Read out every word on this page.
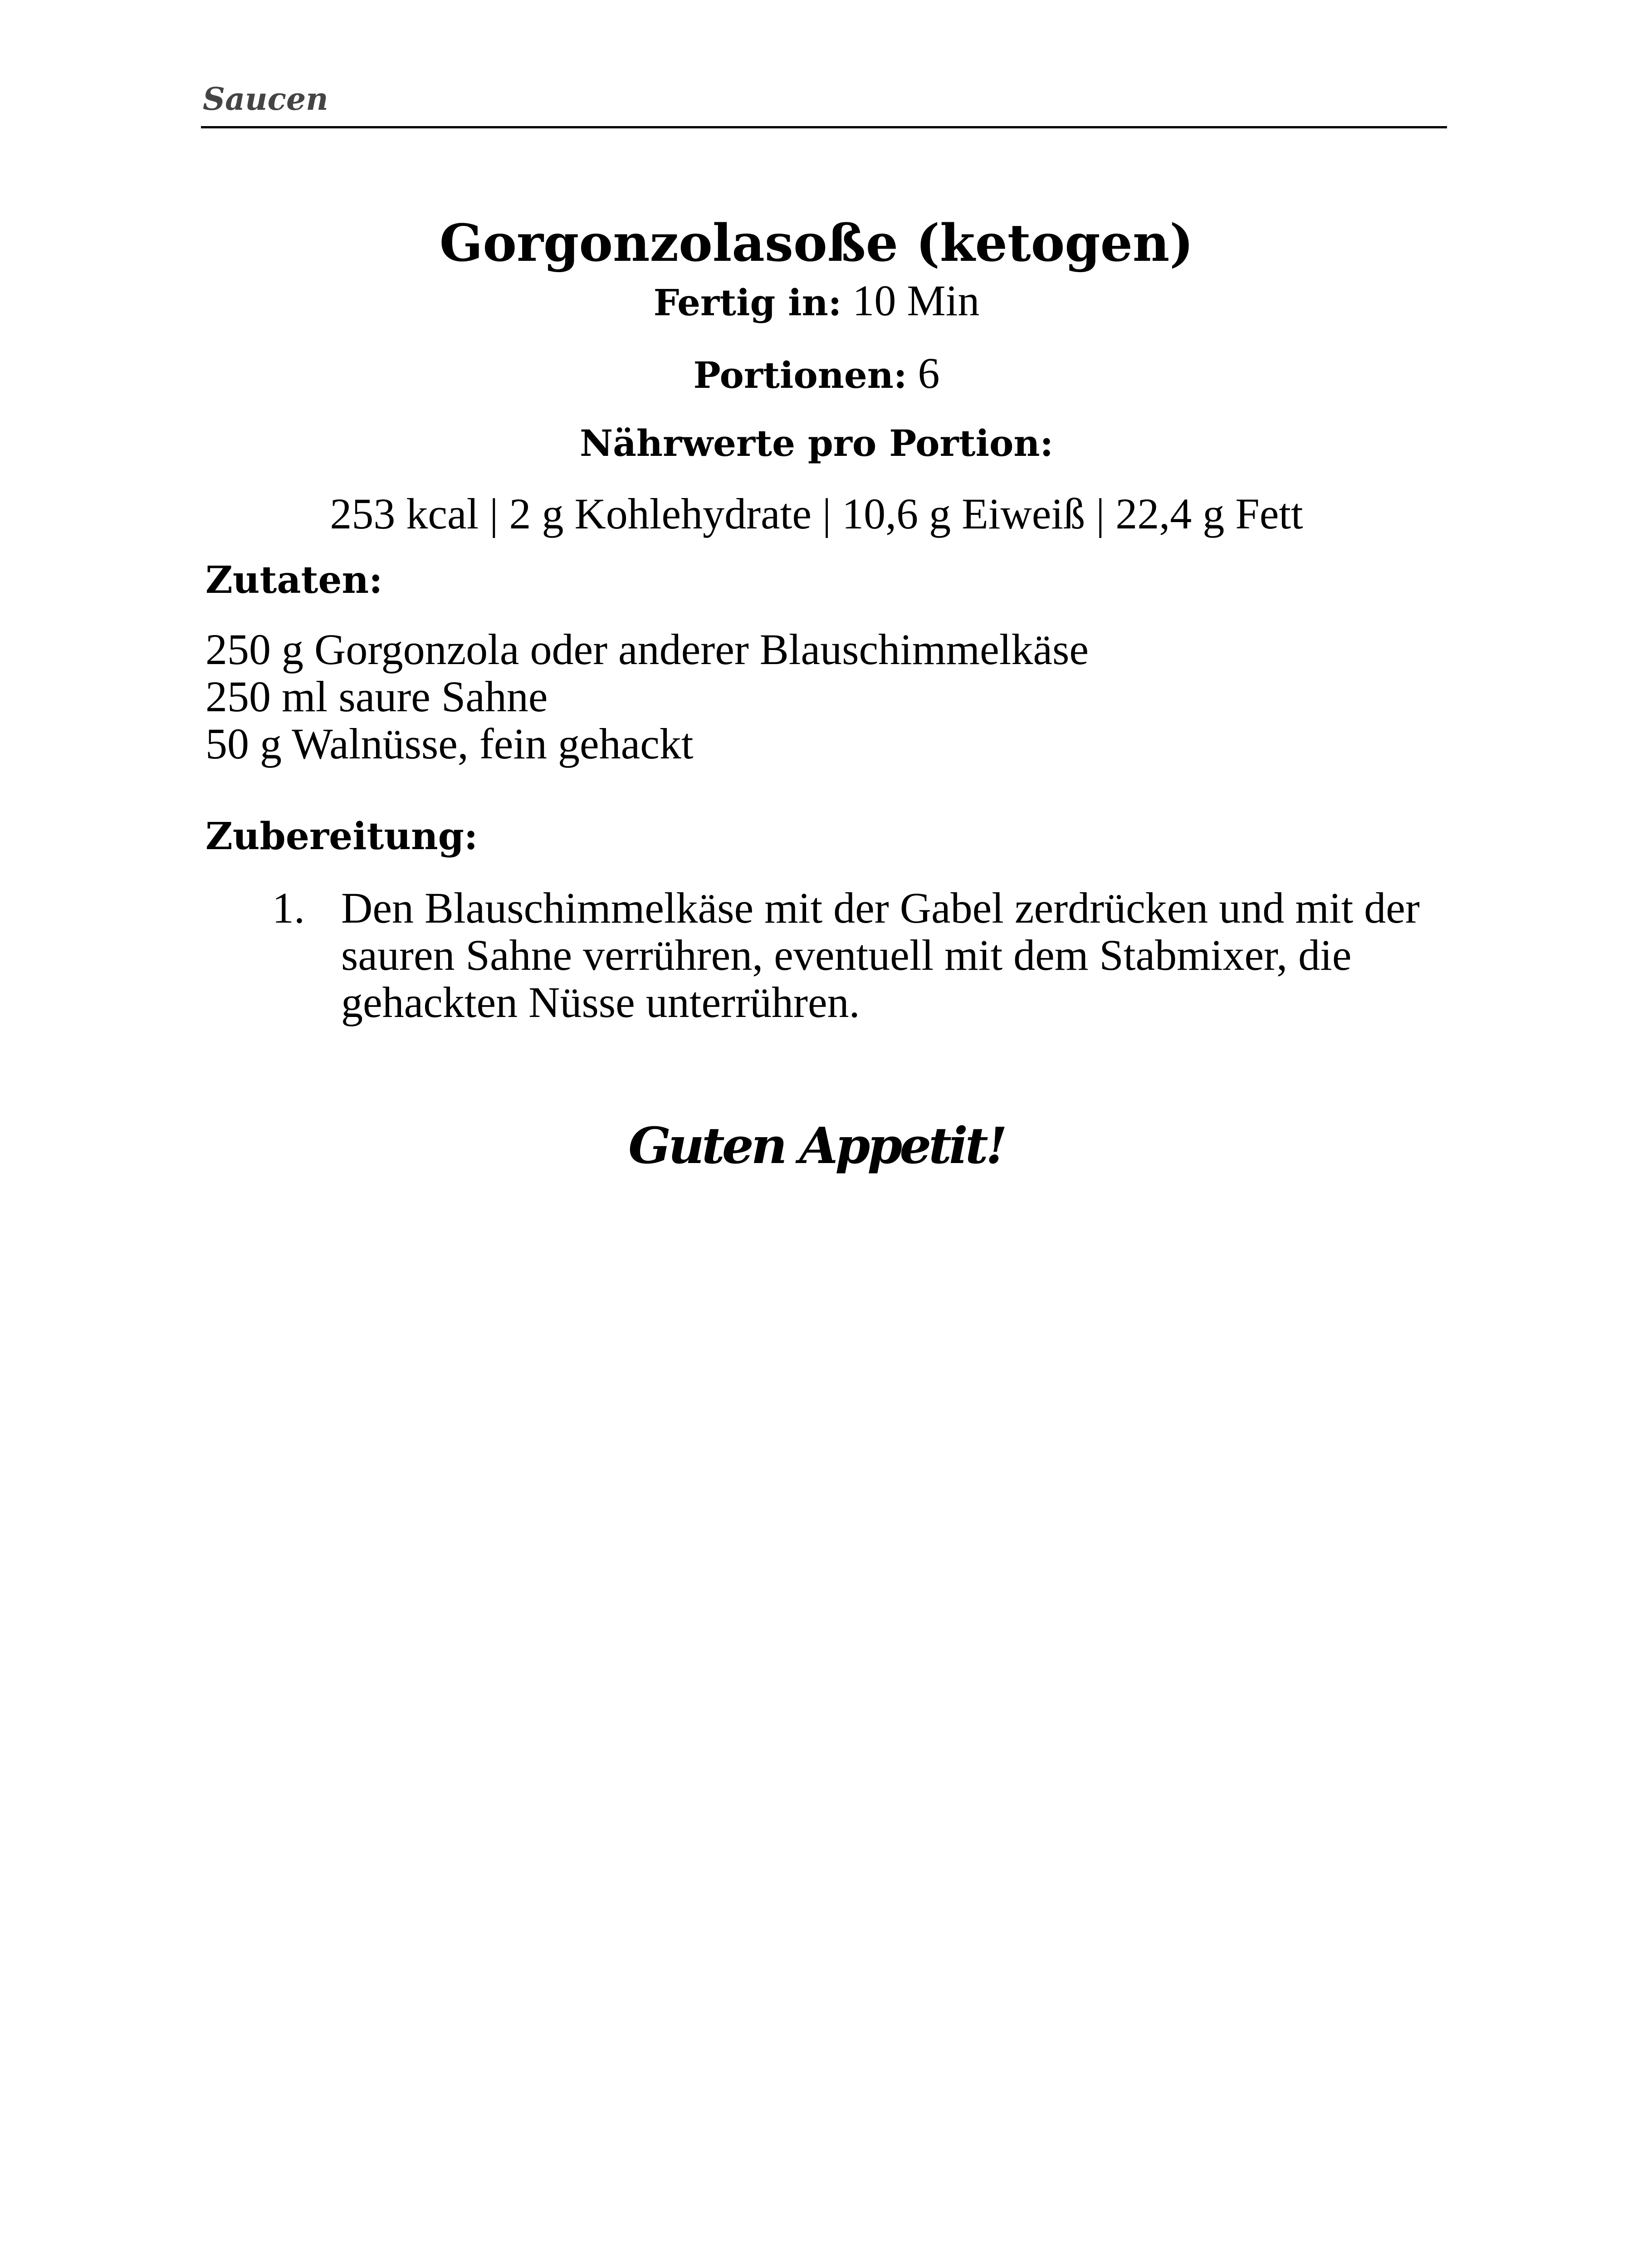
Saucen
Gorgonzolasoße (ketogen)
Fertig in: 10 Min
Portionen: 6
Nährwerte pro Portion:
253 kcal | 2 g Kohlehydrate | 10,6 g Eiweiß | 22,4 g Fett
Zutaten:
250 g Gorgonzola oder anderer Blauschimmelkäse
250 ml saure Sahne
50 g Walnüsse, fein gehackt
Zubereitung:
1. Den Blauschimmelkäse mit der Gabel zerdrücken und mit der sauren Sahne verrühren, eventuell mit dem Stabmixer, die gehackten Nüsse unterrühren.
Guten Appetit!
